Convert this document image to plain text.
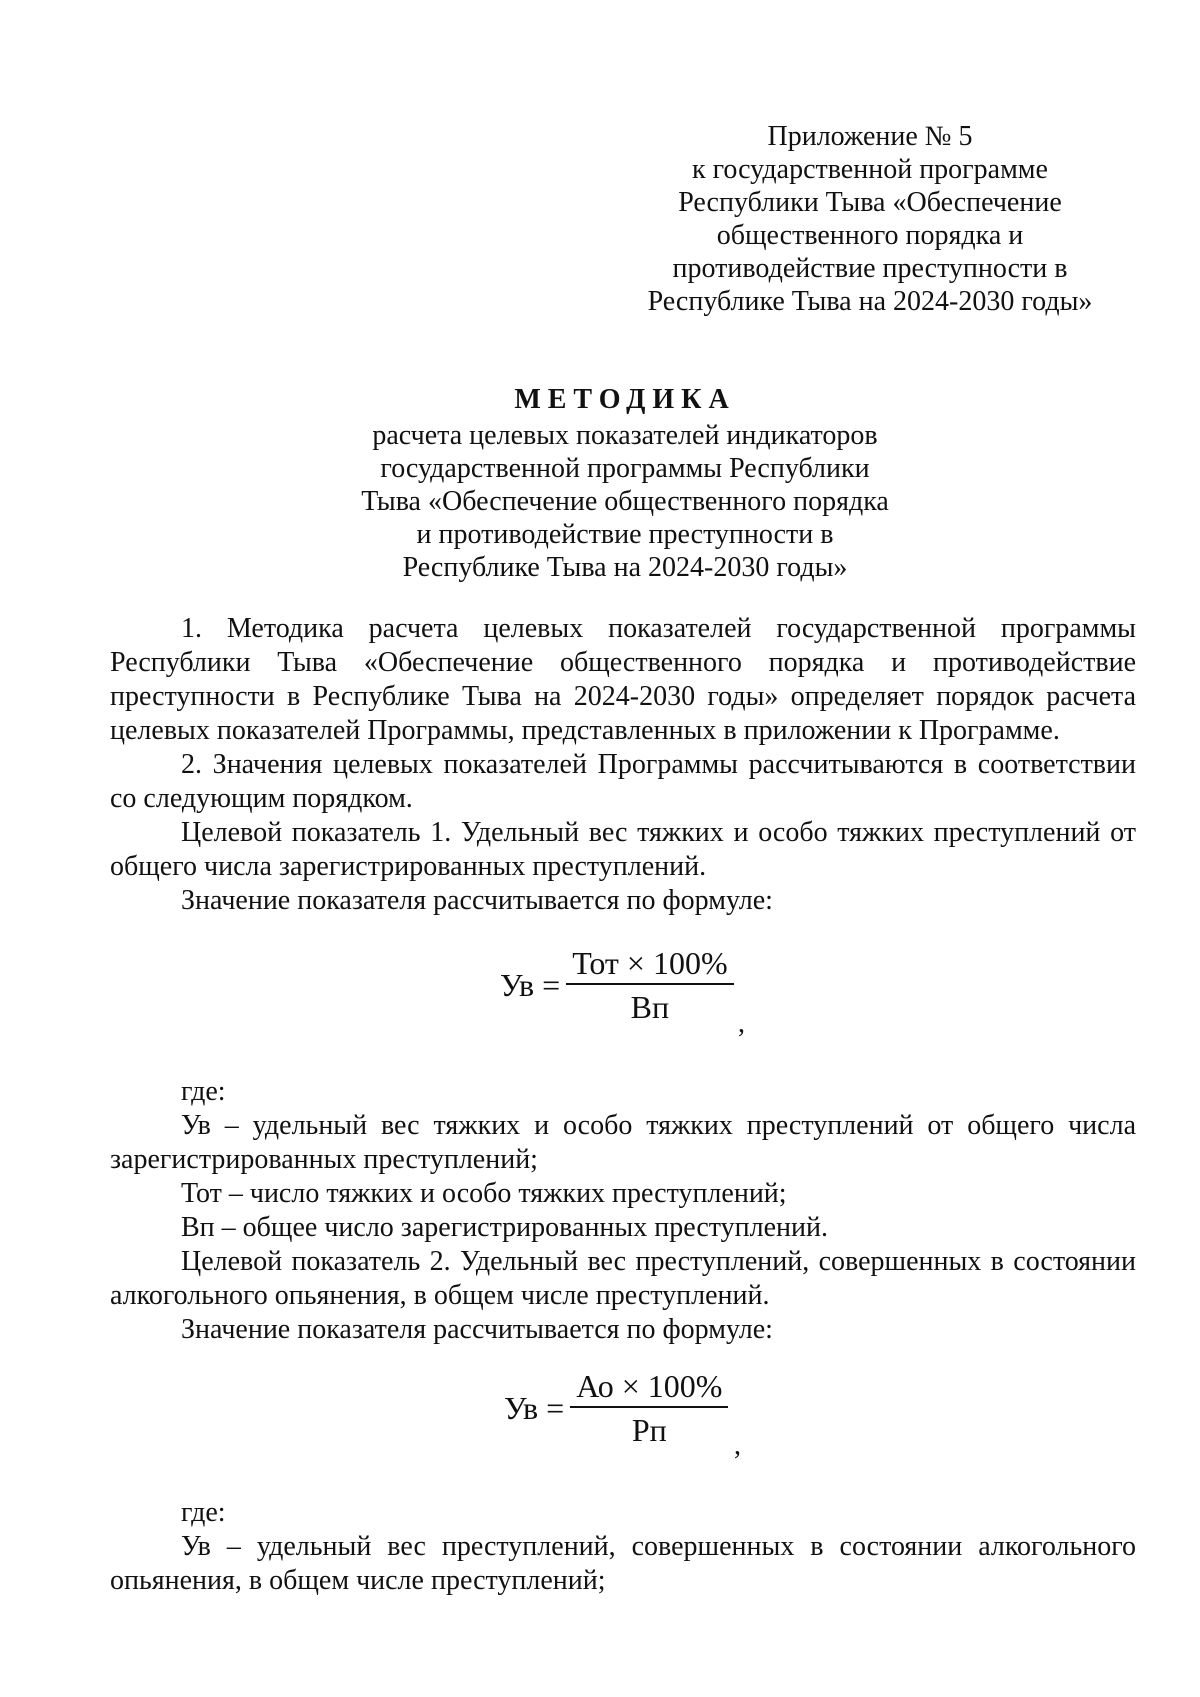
Приложение № 5
к государственной программе
Республики Тыва «Обеспечение
общественного порядка и
противодействие преступности в
Республике Тыва на 2024-2030 годы»
МЕТОДИКА
расчета целевых показателей индикаторов
государственной программы Республики
Тыва «Обеспечение общественного порядка
и противодействие преступности в
Республике Тыва на 2024-2030 годы»

1. Методика расчета целевых показателей государственной программы Республики Тыва «Обеспечение общественного порядка и противодействие преступности в Республике Тыва на 2024-2030 годы» определяет порядок расчета целевых показателей Программы, представленных в приложении к Программе.

2. Значения целевых показателей Программы рассчитываются в соответствии со следующим порядком.

Целевой показатель 1. Удельный вес тяжких и особо тяжких преступлений от общего числа зарегистрированных преступлений.

Значение показателя рассчитывается по формуле:

где:

Ув – удельный вес тяжких и особо тяжких преступлений от общего числа зарегистрированных преступлений;

Тот – число тяжких и особо тяжких преступлений;

Вп – общее число зарегистрированных преступлений.

Целевой показатель 2. Удельный вес преступлений, совершенных в состоянии алкогольного опьянения, в общем числе преступлений.

Значение показателя рассчитывается по формуле:

где:

Ув – удельный вес преступлений, совершенных в состоянии алкогольного опьянения, в общем числе преступлений;

Ув = $\frac{\text{Тот × 100\%}}{Вп}$ ,
Ув = $\frac{Ао \times 100\%}{Рп}$ ,
